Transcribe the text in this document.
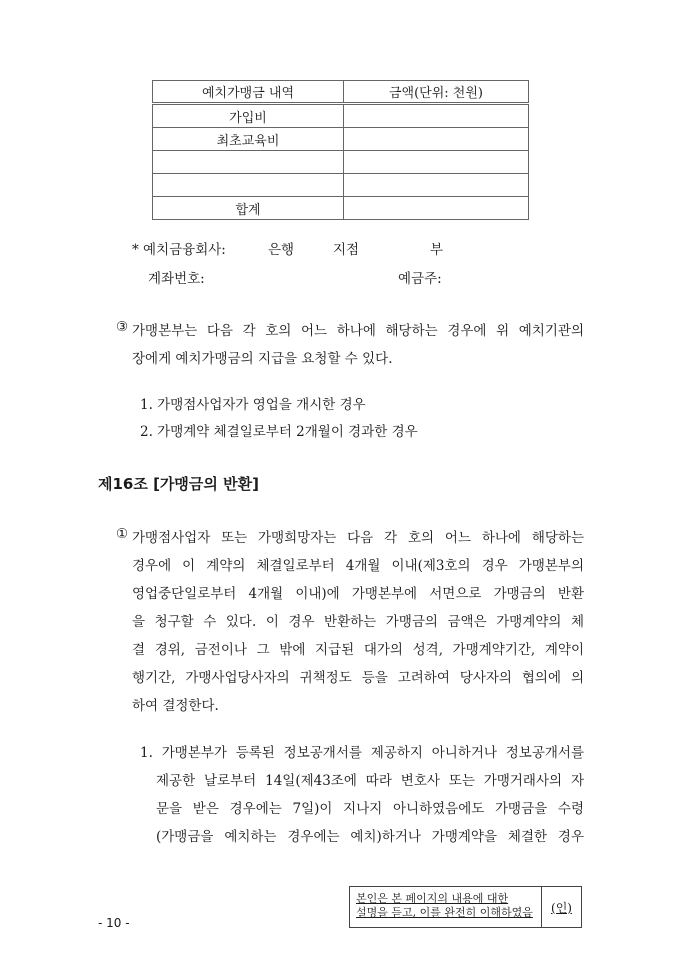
예치가맹금 내역	금액(단위: 천원)
가입비	
최초교육비	

합계	
* 예치금융회사:	은행	지점	부
계좌번호:	예금주:
③ 가맹본부는 다음 각 호의 어느 하나에 해당하는 경우에 위 예치기관의
장에게 예치가맹금의 지급을 요청할 수 있다.
1. 가맹점사업자가 영업을 개시한 경우
2. 가맹계약 체결일로부터 2개월이 경과한 경우
제16조 [가맹금의 반환]
① 가맹점사업자 또는 가맹희망자는 다음 각 호의 어느 하나에 해당하는
경우에 이 계약의 체결일로부터 4개월 이내(제3호의 경우 가맹본부의
영업중단일로부터 4개월 이내)에 가맹본부에 서면으로 가맹금의 반환
을 청구할 수 있다. 이 경우 반환하는 가맹금의 금액은 가맹계약의 체
결 경위, 금전이나 그 밖에 지급된 대가의 성격, 가맹계약기간, 계약이
행기간, 가맹사업당사자의 귀책정도 등을 고려하여 당사자의 협의에 의
하여 결정한다.
1. 가맹본부가 등록된 정보공개서를 제공하지 아니하거나 정보공개서를
제공한 날로부터 14일(제43조에 따라 변호사 또는 가맹거래사의 자
문을 받은 경우에는 7일)이 지나지 아니하였음에도 가맹금을 수령
(가맹금을 예치하는 경우에는 예치)하거나 가맹계약을 체결한 경우
본인은 본 페이지의 내용에 대한
설명을 듣고, 이를 완전히 이해하였음	(인)
- 10 -
